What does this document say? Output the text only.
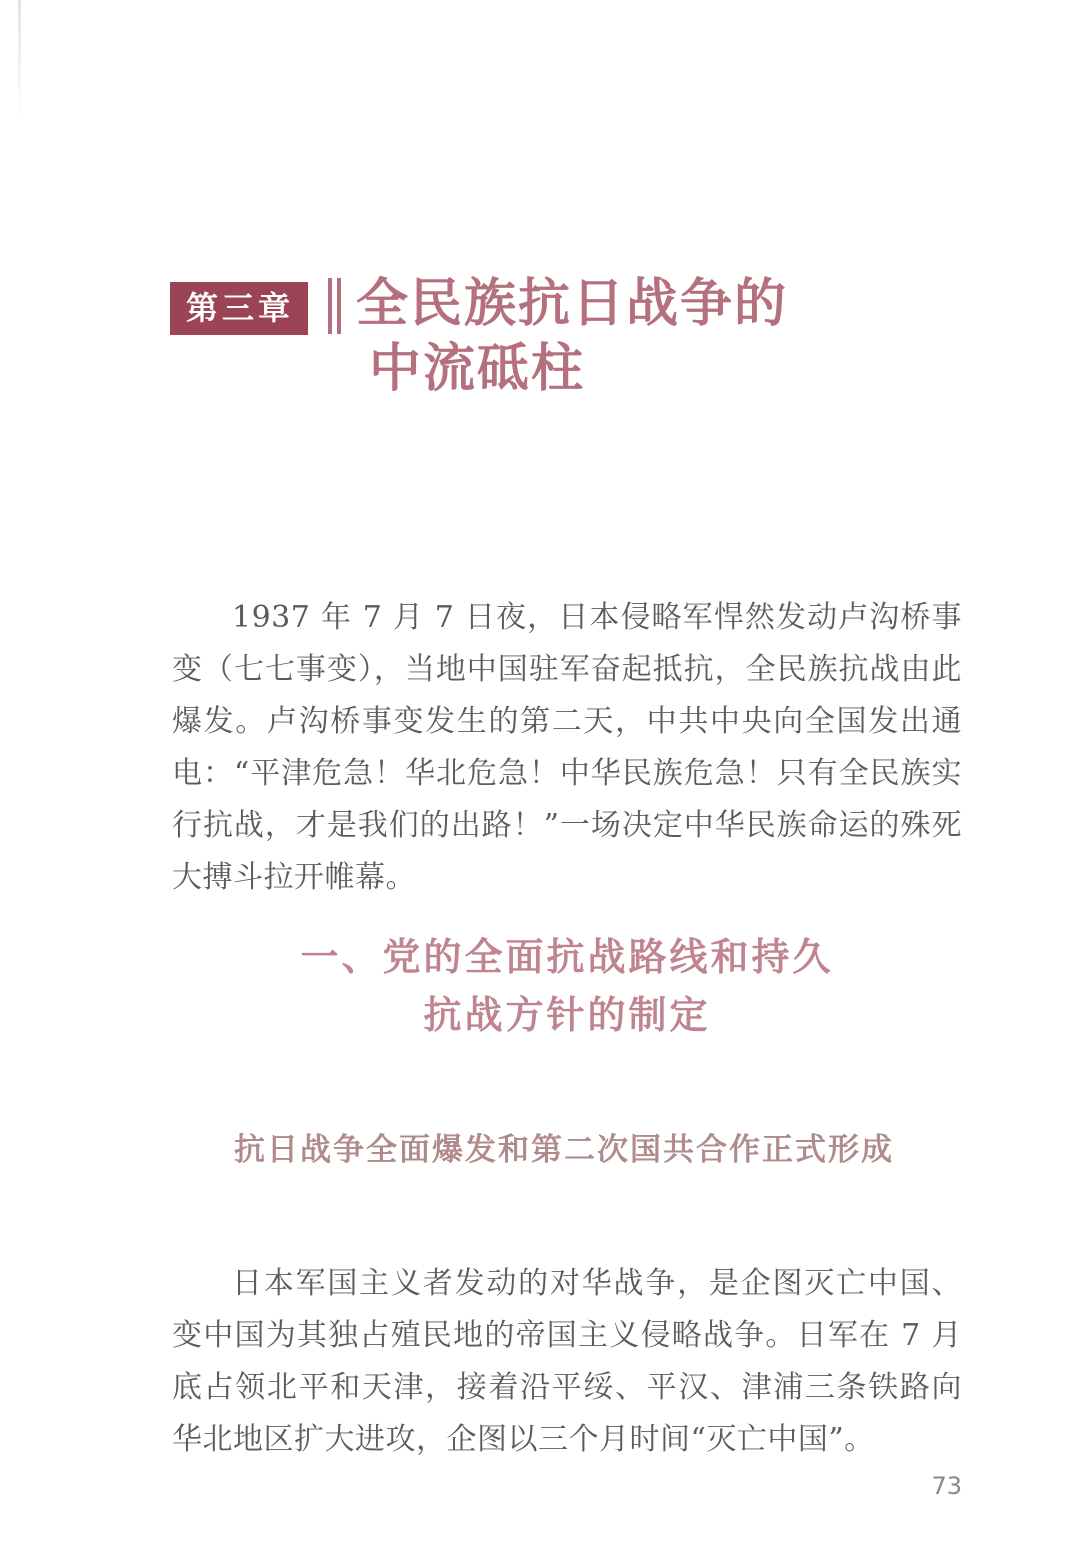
第三章 全民族抗日战争的
中流砥柱

1937 年 7 月 7 日夜，日本侵略军悍然发动卢沟桥事变（七七事变），当地中国驻军奋起抵抗，全民族抗战由此爆发。卢沟桥事变发生的第二天，中共中央向全国发出通电：“平津危急！华北危急！中华民族危急！只有全民族实行抗战，才是我们的出路！”一场决定中华民族命运的殊死大搏斗拉开帷幕。

一、党的全面抗战路线和持久
抗战方针的制定

抗日战争全面爆发和第二次国共合作正式形成

日本军国主义者发动的对华战争，是企图灭亡中国、变中国为其独占殖民地的帝国主义侵略战争。日军在 7 月底占领北平和天津，接着沿平绥、平汉、津浦三条铁路向华北地区扩大进攻，企图以三个月时间“灭亡中国”。

73
